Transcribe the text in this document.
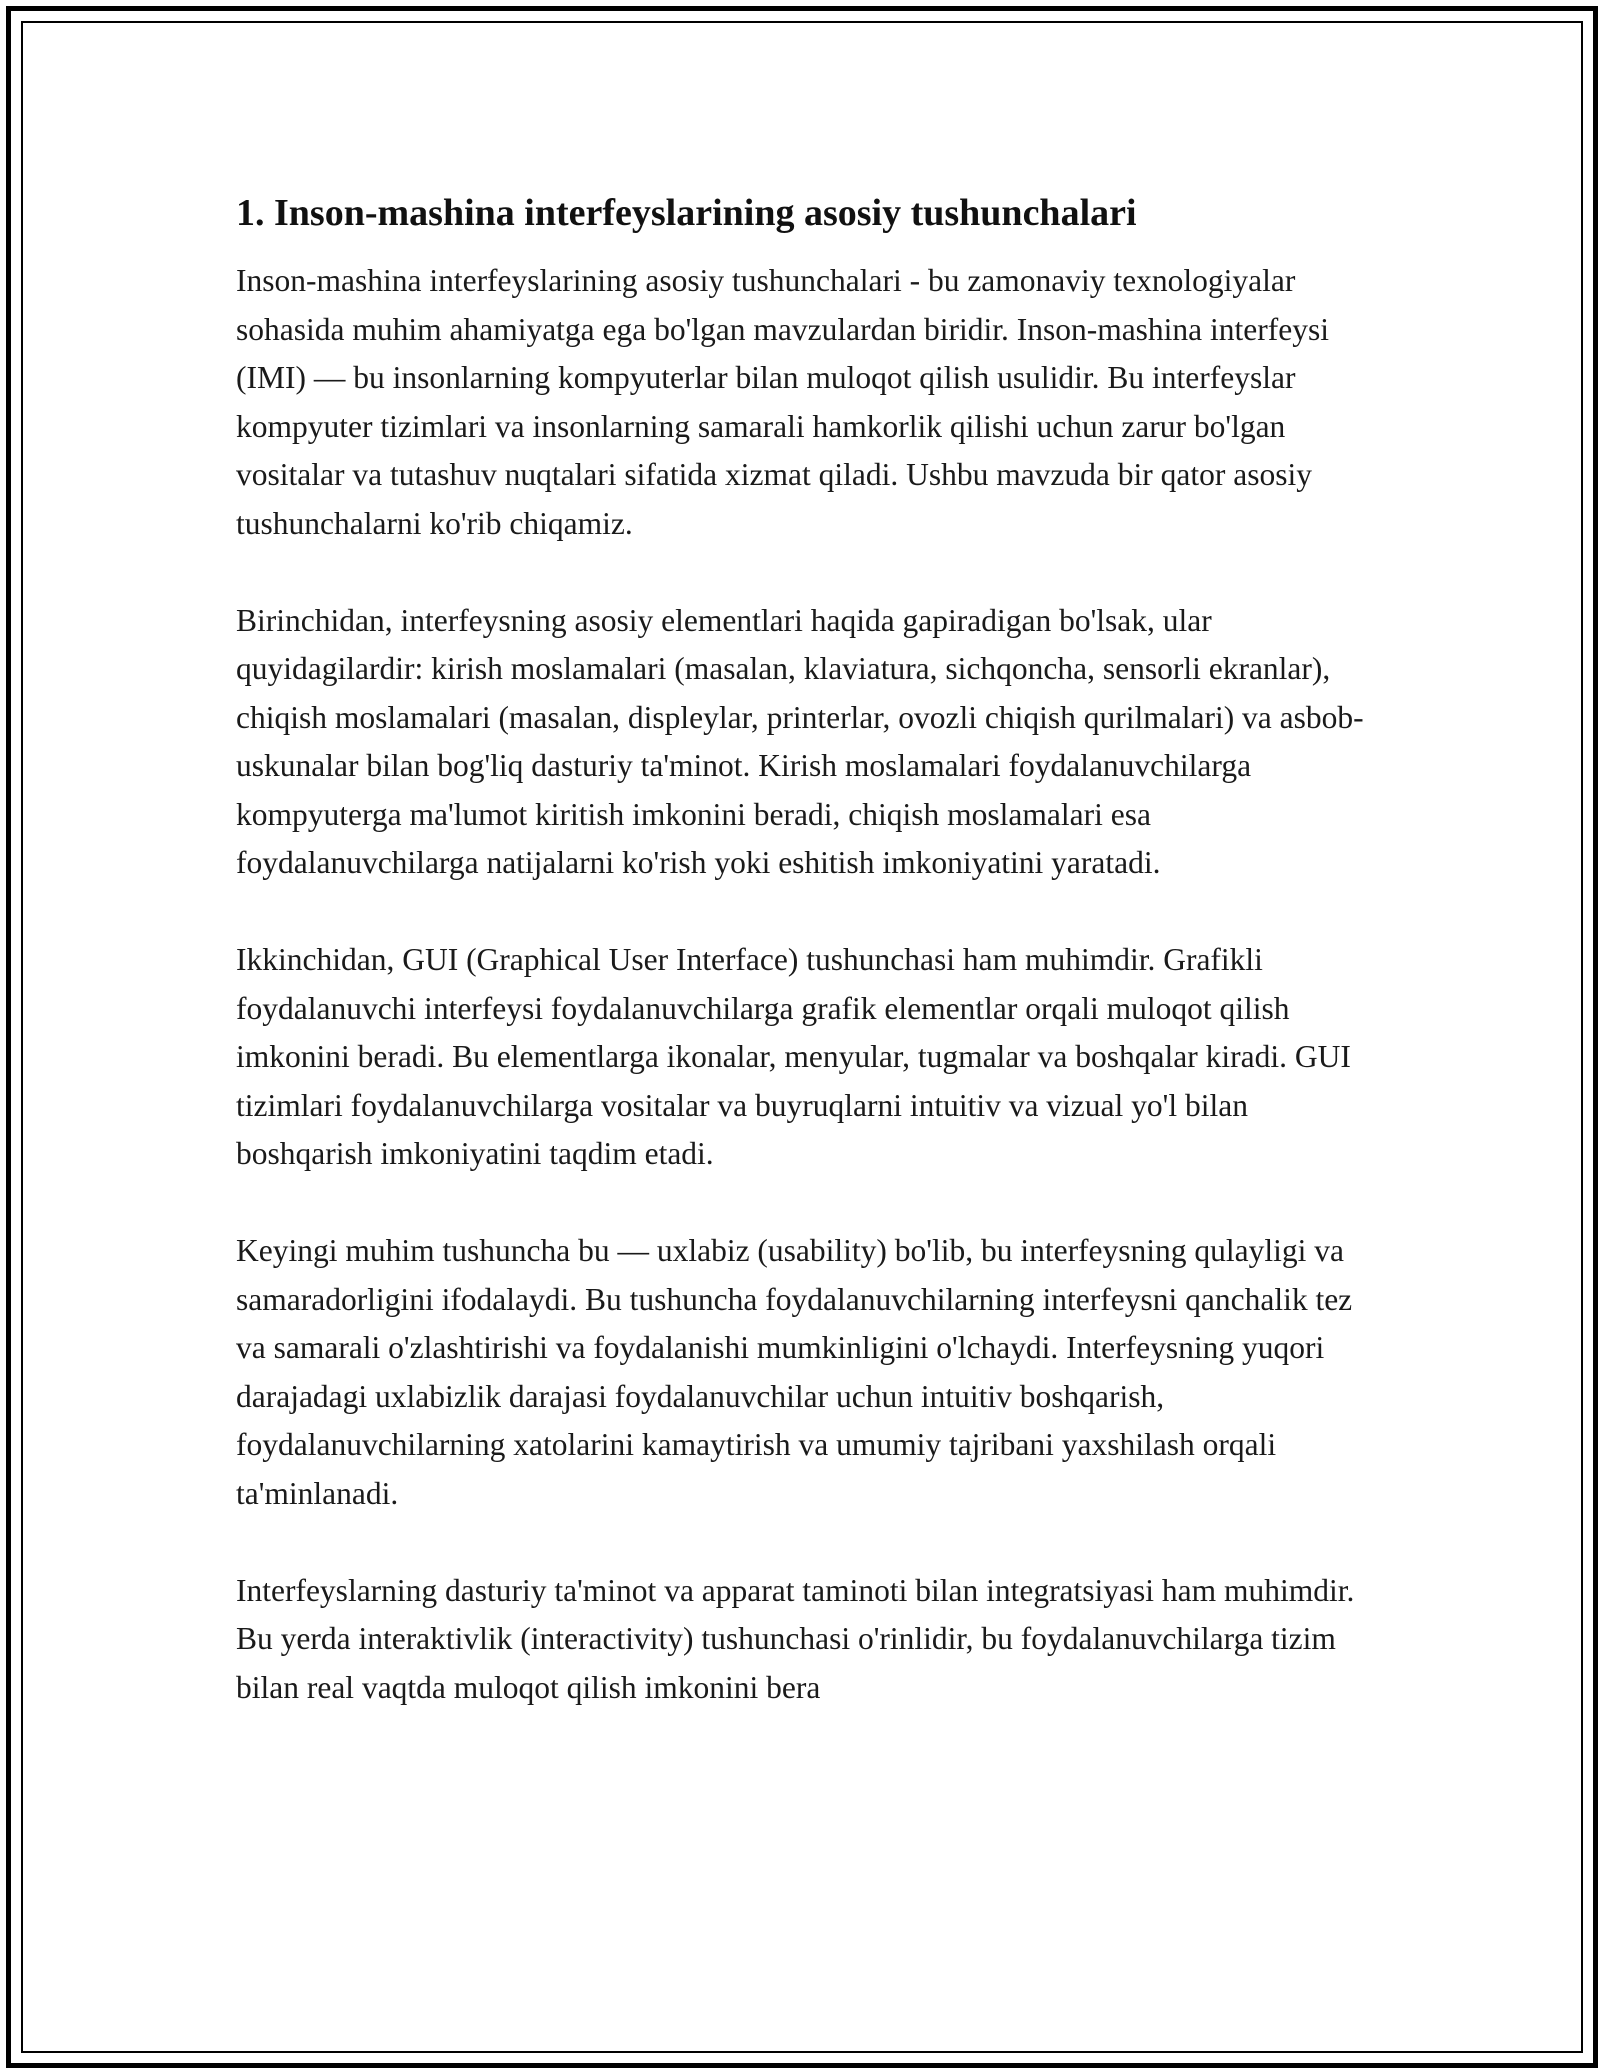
1. Inson-mashina interfeyslarining asosiy tushunchalari

Inson-mashina interfeyslarining asosiy tushunchalari - bu zamonaviy texnologiyalar sohasida muhim ahamiyatga ega bo'lgan mavzulardan biridir. Inson-mashina interfeysi (IMI) — bu insonlarning kompyuterlar bilan muloqot qilish usulidir. Bu interfeyslar kompyuter tizimlari va insonlarning samarali hamkorlik qilishi uchun zarur bo'lgan vositalar va tutashuv nuqtalari sifatida xizmat qiladi. Ushbu mavzuda bir qator asosiy tushunchalarni ko'rib chiqamiz.

Birinchidan, interfeysning asosiy elementlari haqida gapiradigan bo'lsak, ular quyidagilardir: kirish moslamalari (masalan, klaviatura, sichqoncha, sensorli ekranlar), chiqish moslamalari (masalan, displeylar, printerlar, ovozli chiqish qurilmalari) va asbob-uskunalar bilan bog'liq dasturiy ta'minot. Kirish moslamalari foydalanuvchilarga kompyuterga ma'lumot kiritish imkonini beradi, chiqish moslamalari esa foydalanuvchilarga natijalarni ko'rish yoki eshitish imkoniyatini yaratadi.

Ikkinchidan, GUI (Graphical User Interface) tushunchasi ham muhimdir. Grafikli foydalanuvchi interfeysi foydalanuvchilarga grafik elementlar orqali muloqot qilish imkonini beradi. Bu elementlarga ikonalar, menyular, tugmalar va boshqalar kiradi. GUI tizimlari foydalanuvchilarga vositalar va buyruqlarni intuitiv va vizual yo'l bilan boshqarish imkoniyatini taqdim etadi.

Keyingi muhim tushuncha bu — uxlabiz (usability) bo'lib, bu interfeysning qulayligi va samaradorligini ifodalaydi. Bu tushuncha foydalanuvchilarning interfeysni qanchalik tez va samarali o'zlashtirishi va foydalanishi mumkinligini o'lchaydi. Interfeysning yuqori darajadagi uxlabizlik darajasi foydalanuvchilar uchun intuitiv boshqarish, foydalanuvchilarning xatolarini kamaytirish va umumiy tajribani yaxshilash orqali ta'minlanadi.

Interfeyslarning dasturiy ta'minot va apparat taminoti bilan integratsiyasi ham muhimdir. Bu yerda interaktivlik (interactivity) tushunchasi o'rinlidir, bu foydalanuvchilarga tizim bilan real vaqtda muloqot qilish imkonini bera
